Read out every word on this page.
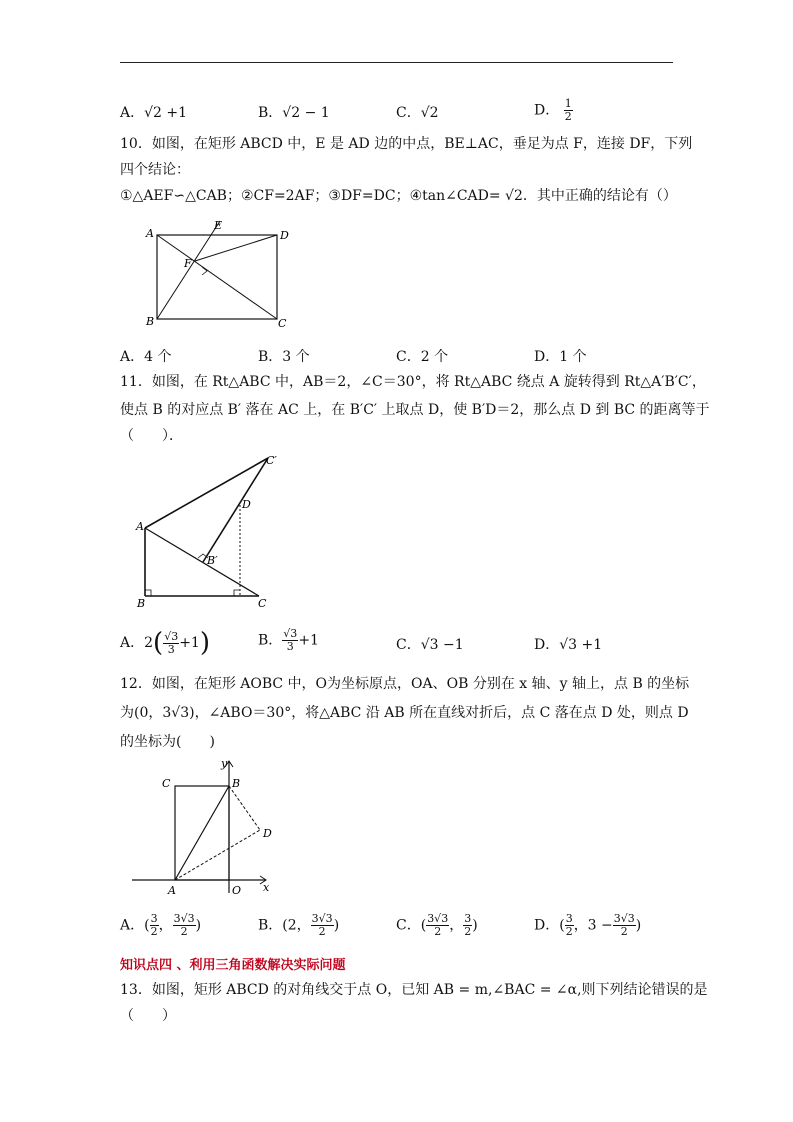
A．√2 +1	B．√2 − 1	C．√2	D． $\frac{1}{2}$
10．如图，在矩形 ABCD 中，E 是 AD 边的中点，BE⊥AC，垂足为点 F，连接 DF，下列
四个结论：
①△AEF∽△CAB；②CF=2AF；③DF=DC；④tan∠CAD= √2．其中正确的结论有（）
A
E
D
F
B	C
A．4 个	B．3 个	C．2 个	D．1 个
11．如图，在 Rt△ABC 中，AB＝2，∠C＝30°，将 Rt△ABC 绕点 A 旋转得到 Rt△A′B′C′，
使点 B 的对应点 B′ 落在 AC 上，在 B′C′ 上取点 D，使 B′D＝2，那么点 D 到 BC 的距离等于
（　　）．
C′
D
A
B′
B	C
A．$2( \frac{√3}{3} +1)$	B． $\frac{√3}{3} +1$	C．√3 −1	D．√3 +1
12．如图，在矩形 AOBC 中，O为坐标原点，OA、OB 分别在 x 轴、y 轴上，点 B 的坐标
为(0，3√3)，∠ABO＝30°，将△ABC 沿 AB 所在直线对折后，点 C 落在点 D 处，则点 D
的坐标为(　　)
y
C	B
D
A	O x
A．( $\frac{3}{2}$ ， $\frac{3√3}{2}$ )	B．(2， $\frac{3√3}{2}$ )	C．( $\frac{3√3}{2}$ ， $\frac{3}{2}$ )	D．( $\frac{3}{2}$ ，$3 - \frac{3√3}{2}$ )
知识点四 、利用三角函数解决实际问题
13．如图，矩形 ABCD 的对角线交于点 O，已知 AB = m,∠BAC = ∠α,则下列结论错误的是
（　　）
